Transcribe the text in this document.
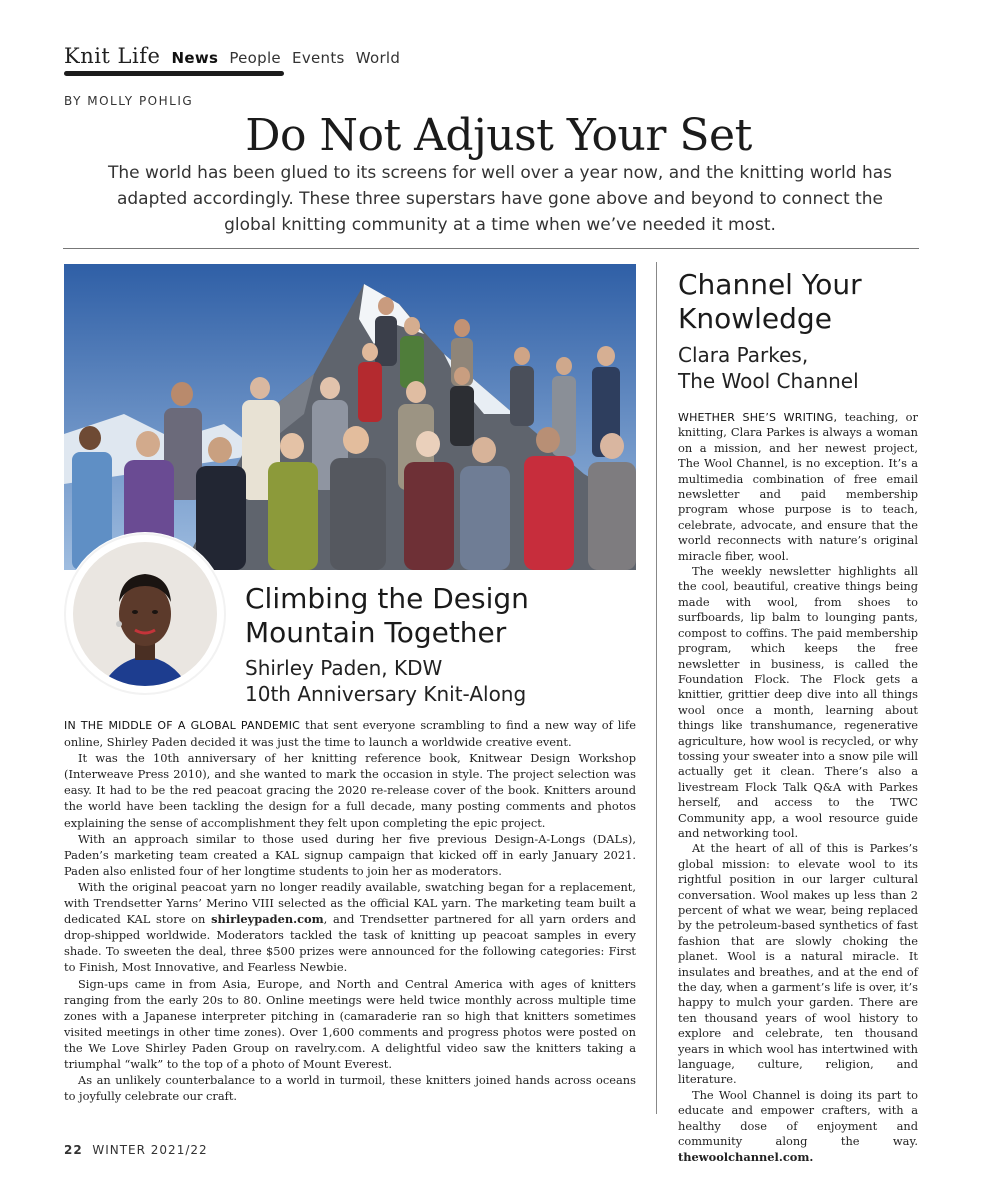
Knit Life News People Events World
BY MOLLY POHLIG
Do Not Adjust Your Set
The world has been glued to its screens for well over a year now, and the knitting world has adapted accordingly. These three superstars have gone above and beyond to connect the global knitting community at a time when we’ve needed it most.
Climbing the Design
Mountain Together
Shirley Paden, KDW
10th Anniversary Knit-Along

IN THE MIDDLE OF A GLOBAL PANDEMIC that sent everyone scrambling to find a new way of life online, Shirley Paden decided it was just the time to launch a worldwide creative event.

It was the 10th anniversary of her knitting reference book, Knitwear Design Workshop (Interweave Press 2010), and she wanted to mark the occasion in style. The project selection was easy. It had to be the red peacoat gracing the 2020 re-release cover of the book. Knitters around the world have been tackling the design for a full decade, many posting comments and photos explaining the sense of accomplishment they felt upon completing the epic project.

With an approach similar to those used during her five previous Design-A-Longs (DALs), Paden’s marketing team created a KAL signup campaign that kicked off in early January 2021. Paden also enlisted four of her longtime students to join her as moderators.

With the original peacoat yarn no longer readily available, swatching began for a replacement, with Trendsetter Yarns’ Merino VIII selected as the official KAL yarn. The marketing team built a dedicated KAL store on shirleypaden.com, and Trendsetter partnered for all yarn orders and drop-shipped worldwide. Moderators tackled the task of knitting up peacoat samples in every shade. To sweeten the deal, three $500 prizes were announced for the following categories: First to Finish, Most Innovative, and Fearless Newbie.

Sign-ups came in from Asia, Europe, and North and Central America with ages of knitters ranging from the early 20s to 80. Online meetings were held twice monthly across multiple time zones with a Japanese interpreter pitching in (camaraderie ran so high that knitters sometimes visited meetings in other time zones). Over 1,600 comments and progress photos were posted on the We Love Shirley Paden Group on ravelry.com. A delightful video saw the knitters taking a triumphal “walk” to the top of a photo of Mount Everest.

As an unlikely counterbalance to a world in turmoil, these knitters joined hands across oceans to joyfully celebrate our craft.

Channel Your
Knowledge
Clara Parkes,
The Wool Channel

WHETHER SHE’S WRITING, teaching, or knitting, Clara Parkes is always a woman on a mission, and her newest project, The Wool Channel, is no exception. It’s a multimedia combination of free email newsletter and paid membership program whose purpose is to teach, celebrate, advocate, and ensure that the world reconnects with nature’s original miracle fiber, wool.

The weekly newsletter highlights all the cool, beautiful, creative things being made with wool, from shoes to surfboards, lip balm to lounging pants, compost to coffins. The paid membership program, which keeps the free newsletter in business, is called the Foundation Flock. The Flock gets a knittier, grittier deep dive into all things wool once a month, learning about things like transhumance, regenerative agriculture, how wool is recycled, or why tossing your sweater into a snow pile will actually get it clean. There’s also a livestream Flock Talk Q&A with Parkes herself, and access to the TWC Community app, a wool resource guide and networking tool.

At the heart of all of this is Parkes’s global mission: to elevate wool to its rightful position in our larger cultural conversation. Wool makes up less than 2 percent of what we wear, being replaced by the petroleum-based synthetics of fast fashion that are slowly choking the planet. Wool is a natural miracle. It insulates and breathes, and at the end of the day, when a garment’s life is over, it’s happy to mulch your garden. There are ten thousand years of wool history to explore and celebrate, ten thousand years in which wool has intertwined with language, culture, religion, and literature.

The Wool Channel is doing its part to educate and empower crafters, with a healthy dose of enjoyment and community along the way. thewoolchannel.com.

22 WINTER 2021/22
